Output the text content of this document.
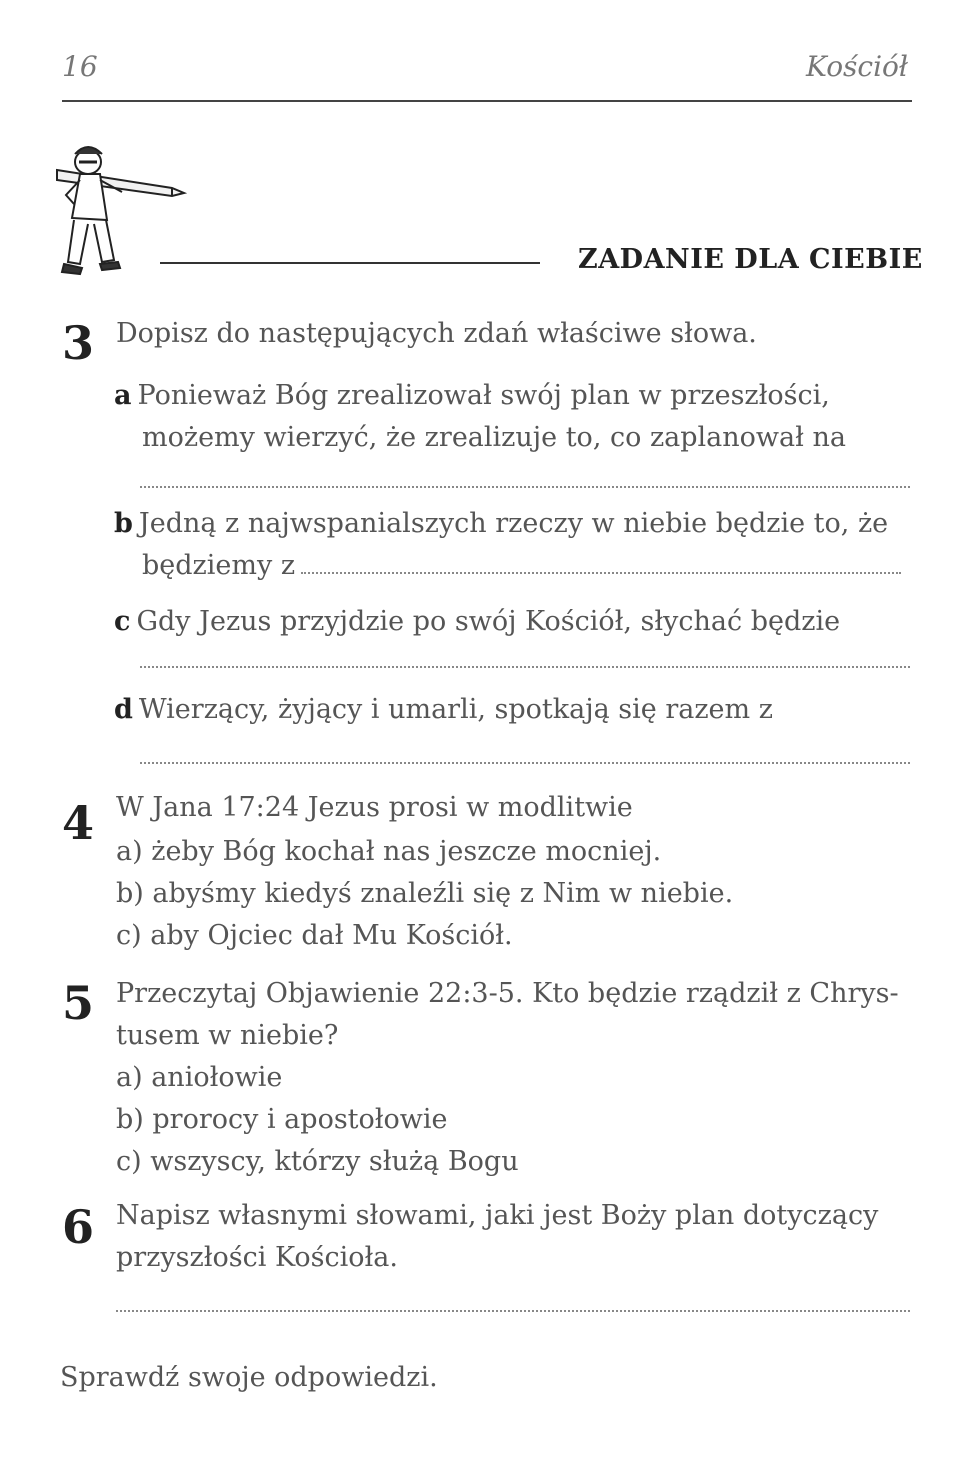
16	Kościół
ZADANIE DLA CIEBIE
3 Dopisz do następujących zdań właściwe słowa.
a Ponieważ Bóg zrealizował swój plan w przeszłości,
możemy wierzyć, że zrealizuje to, co zaplanował na
b Jedną z najwspanialszych rzeczy w niebie będzie to, że
będziemy z
c Gdy Jezus przyjdzie po swój Kościół, słychać będzie
d Wierzący, żyjący i umarli, spotkają się razem z
4 W Jana 17:24 Jezus prosi w modlitwie
a) żeby Bóg kochał nas jeszcze mocniej.
b) abyśmy kiedyś znaleźli się z Nim w niebie.
c) aby Ojciec dał Mu Kościół.
5 Przeczytaj Objawienie 22:3-5. Kto będzie rządził z Chrys-
tusem w niebie?
a) aniołowie
b) prorocy i apostołowie
c) wszyscy, którzy służą Bogu
6 Napisz własnymi słowami, jaki jest Boży plan dotyczący
przyszłości Kościoła.
Sprawdź swoje odpowiedzi.
